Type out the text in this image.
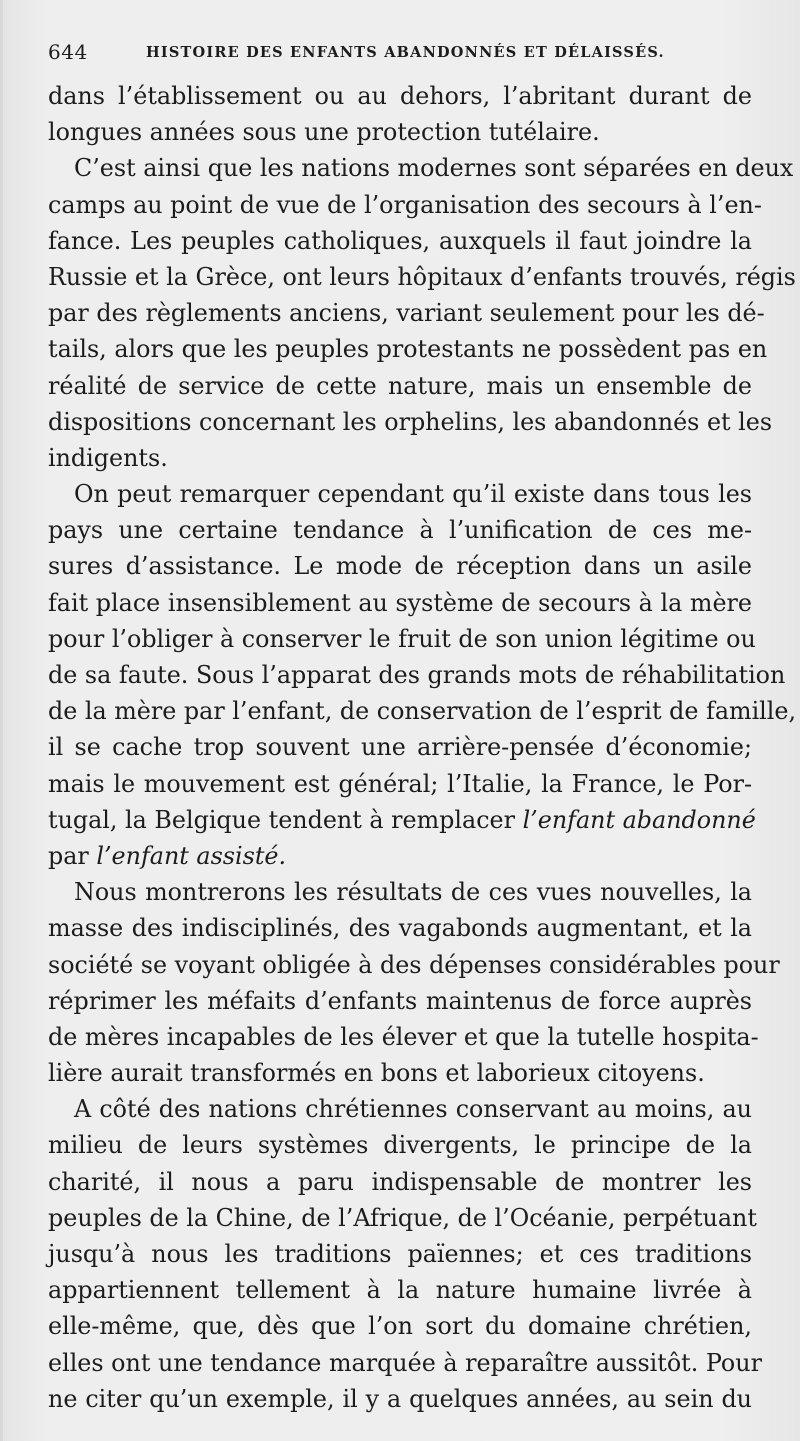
644	HISTOIRE DES ENFANTS ABANDONNÉS ET DÉLAISSÉS.
dans l’établissement ou au dehors, l’abritant durant de
longues années sous une protection tutélaire.
C’est ainsi que les nations modernes sont séparées en deux
camps au point de vue de l’organisation des secours à l’en-
fance. Les peuples catholiques, auxquels il faut joindre la
Russie et la Grèce, ont leurs hôpitaux d’enfants trouvés, régis
par des règlements anciens, variant seulement pour les dé-
tails, alors que les peuples protestants ne possèdent pas en
réalité de service de cette nature, mais un ensemble de
dispositions concernant les orphelins, les abandonnés et les
indigents.
On peut remarquer cependant qu’il existe dans tous les
pays une certaine tendance à l’unification de ces me-
sures d’assistance. Le mode de réception dans un asile
fait place insensiblement au système de secours à la mère
pour l’obliger à conserver le fruit de son union légitime ou
de sa faute. Sous l’apparat des grands mots de réhabilitation
de la mère par l’enfant, de conservation de l’esprit de famille,
il se cache trop souvent une arrière-pensée d’économie;
mais le mouvement est général; l’Italie, la France, le Por-
tugal, la Belgique tendent à remplacer l’enfant abandonné
par l’enfant assisté.
Nous montrerons les résultats de ces vues nouvelles, la
masse des indisciplinés, des vagabonds augmentant, et la
société se voyant obligée à des dépenses considérables pour
réprimer les méfaits d’enfants maintenus de force auprès
de mères incapables de les élever et que la tutelle hospita-
lière aurait transformés en bons et laborieux citoyens.
A côté des nations chrétiennes conservant au moins, au
milieu de leurs systèmes divergents, le principe de la
charité, il nous a paru indispensable de montrer les
peuples de la Chine, de l’Afrique, de l’Océanie, perpétuant
jusqu’à nous les traditions païennes; et ces traditions
appartiennent tellement à la nature humaine livrée à
elle-même, que, dès que l’on sort du domaine chrétien,
elles ont une tendance marquée à reparaître aussitôt. Pour
ne citer qu’un exemple, il y a quelques années, au sein du
